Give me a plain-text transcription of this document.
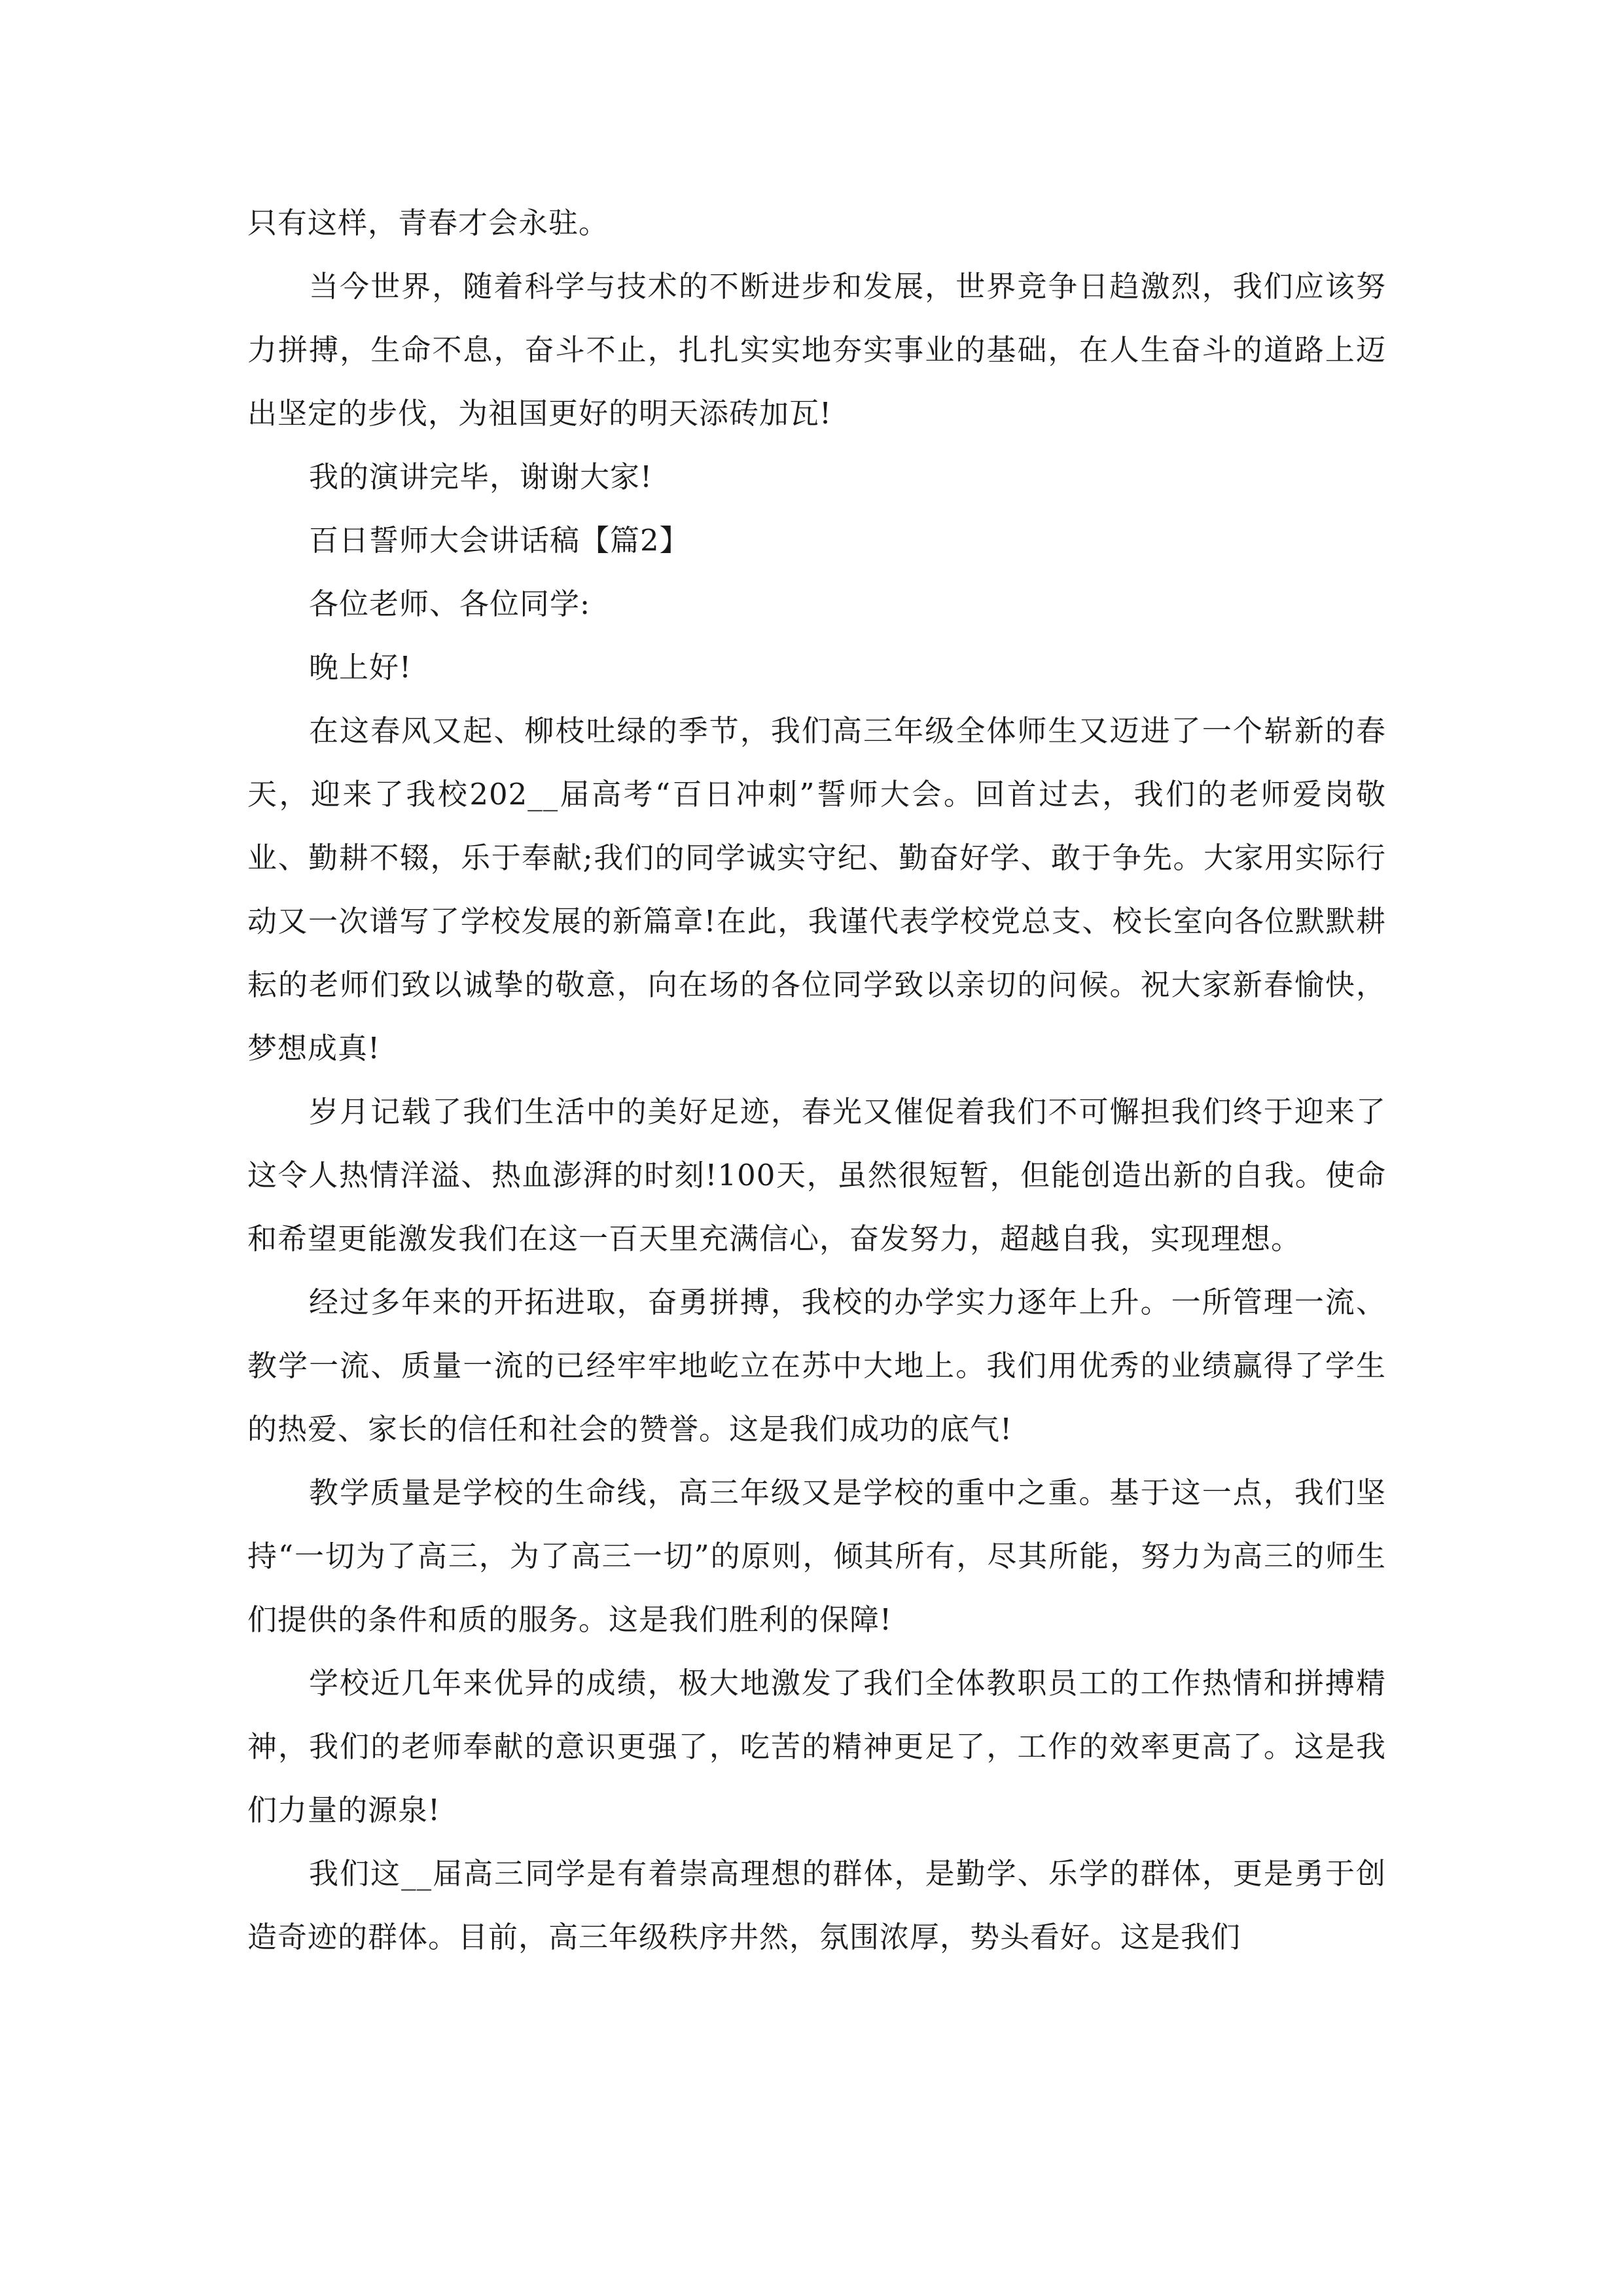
只有这样，青春才会永驻。

当今世界，随着科学与技术的不断进步和发展，世界竞争日趋激烈，我们应该努力拼搏，生命不息，奋斗不止，扎扎实实地夯实事业的基础，在人生奋斗的道路上迈出坚定的步伐，为祖国更好的明天添砖加瓦!

我的演讲完毕，谢谢大家!

百日誓师大会讲话稿【篇2】

各位老师、各位同学:

晚上好!

在这春风又起、柳枝吐绿的季节，我们高三年级全体师生又迈进了一个崭新的春天，迎来了我校202__届高考“百日冲刺”誓师大会。回首过去，我们的老师爱岗敬业、勤耕不辍，乐于奉献;我们的同学诚实守纪、勤奋好学、敢于争先。大家用实际行动又一次谱写了学校发展的新篇章!在此，我谨代表学校党总支、校长室向各位默默耕耘的老师们致以诚挚的敬意，向在场的各位同学致以亲切的问候。祝大家新春愉快，梦想成真!

岁月记载了我们生活中的美好足迹，春光又催促着我们不可懈担我们终于迎来了这令人热情洋溢、热血澎湃的时刻!100天，虽然很短暂，但能创造出新的自我。使命和希望更能激发我们在这一百天里充满信心，奋发努力，超越自我，实现理想。

经过多年来的开拓进取，奋勇拼搏，我校的办学实力逐年上升。一所管理一流、教学一流、质量一流的已经牢牢地屹立在苏中大地上。我们用优秀的业绩赢得了学生的热爱、家长的信任和社会的赞誉。这是我们成功的底气!

教学质量是学校的生命线，高三年级又是学校的重中之重。基于这一点，我们坚持“一切为了高三，为了高三一切”的原则，倾其所有，尽其所能，努力为高三的师生们提供的条件和质的服务。这是我们胜利的保障!

学校近几年来优异的成绩，极大地激发了我们全体教职员工的工作热情和拼搏精神，我们的老师奉献的意识更强了，吃苦的精神更足了，工作的效率更高了。这是我们力量的源泉!

我们这__届高三同学是有着崇高理想的群体，是勤学、乐学的群体，更是勇于创造奇迹的群体。目前，高三年级秩序井然，氛围浓厚，势头看好。这是我们
